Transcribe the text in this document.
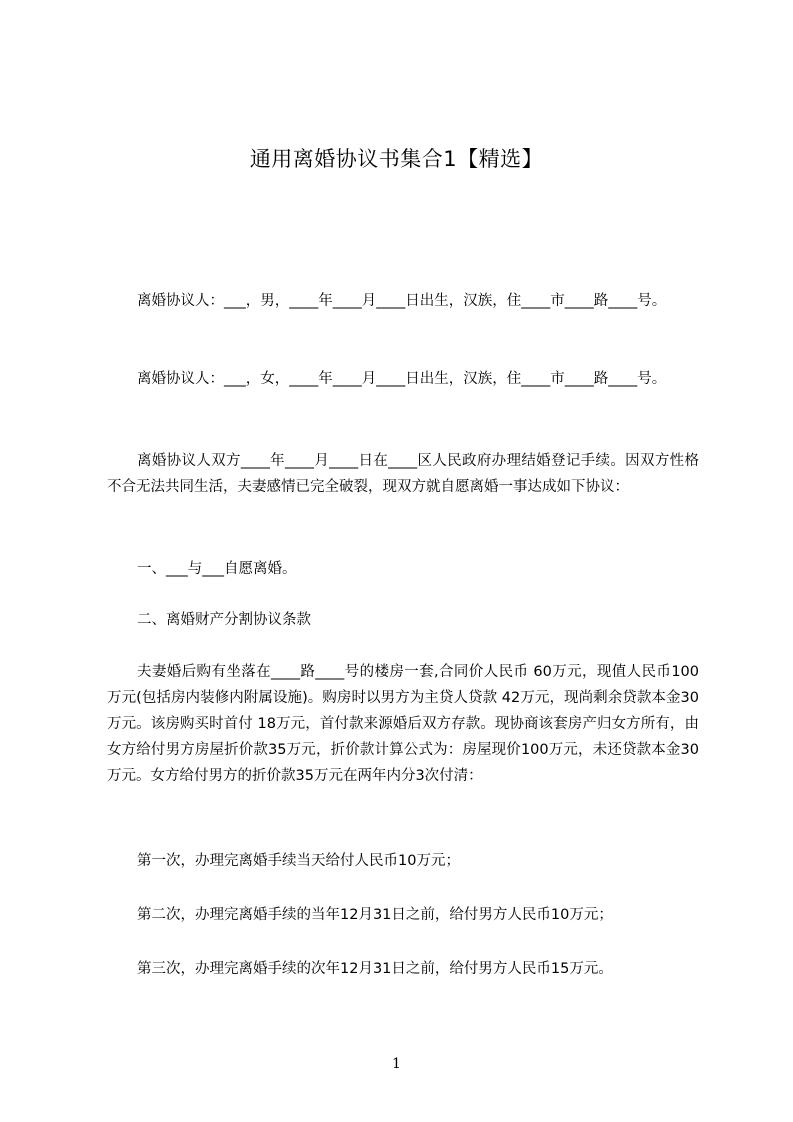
通用离婚协议书集合1【精选】

离婚协议人：___，男，____年____月____日出生，汉族，住____市____路____号。

离婚协议人：___，女，____年____月____日出生，汉族，住____市____路____号。

离婚协议人双方____年____月____日在____区人民政府办理结婚登记手续。因双方性格不合无法共同生活，夫妻感情已完全破裂，现双方就自愿离婚一事达成如下协议：

一、___与___自愿离婚。

二、离婚财产分割协议条款

夫妻婚后购有坐落在____路____号的楼房一套,合同价人民币 60万元，现值人民币100万元(包括房内装修内附属设施)。购房时以男方为主贷人贷款 42万元，现尚剩余贷款本金30万元。该房购买时首付 18万元，首付款来源婚后双方存款。现协商该套房产归女方所有，由女方给付男方房屋折价款35万元，折价款计算公式为：房屋现价100万元，未还贷款本金30万元。女方给付男方的折价款35万元在两年内分3次付清：

第一次，办理完离婚手续当天给付人民币10万元；

第二次，办理完离婚手续的当年12月31日之前，给付男方人民币10万元；

第三次，办理完离婚手续的次年12月31日之前，给付男方人民币15万元。

1
